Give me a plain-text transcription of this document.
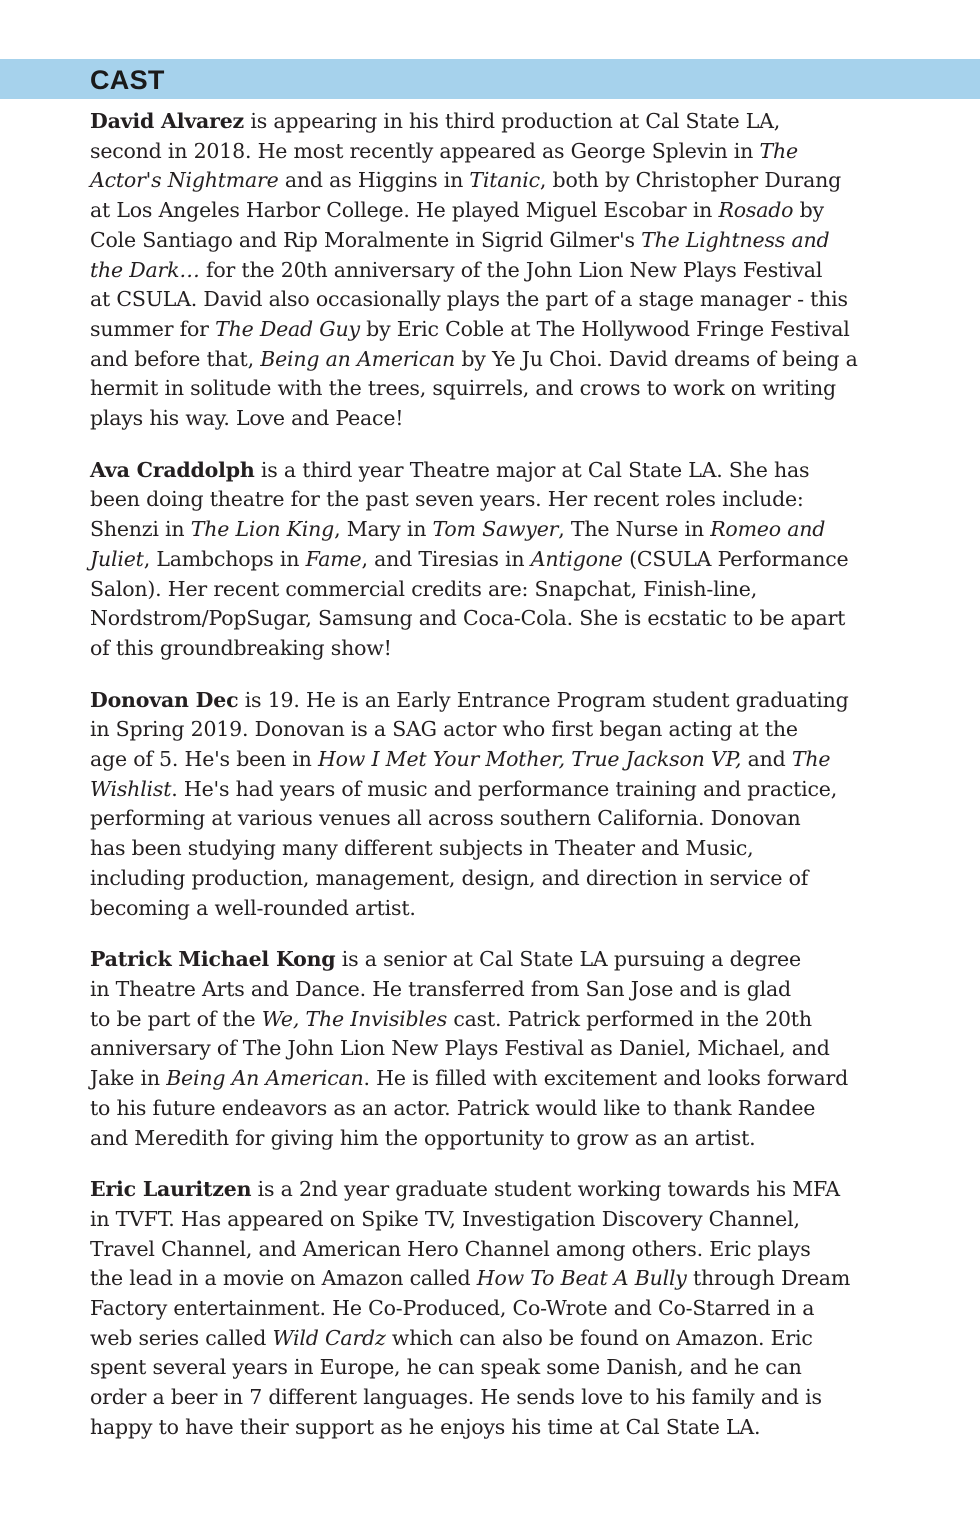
CAST

David Alvarez is appearing in his third production at Cal State LA,
second in 2018. He most recently appeared as George Splevin in The
Actor's Nightmare and as Higgins in Titanic, both by Christopher Durang
at Los Angeles Harbor College. He played Miguel Escobar in Rosado by
Cole Santiago and Rip Moralmente in Sigrid Gilmer's The Lightness and
the Dark… for the 20th anniversary of the John Lion New Plays Festival
at CSULA. David also occasionally plays the part of a stage manager - this
summer for The Dead Guy by Eric Coble at The Hollywood Fringe Festival
and before that, Being an American by Ye Ju Choi. David dreams of being a
hermit in solitude with the trees, squirrels, and crows to work on writing
plays his way. Love and Peace!

Ava Craddolph is a third year Theatre major at Cal State LA. She has
been doing theatre for the past seven years. Her recent roles include:
Shenzi in The Lion King, Mary in Tom Sawyer, The Nurse in Romeo and
Juliet, Lambchops in Fame, and Tiresias in Antigone (CSULA Performance
Salon). Her recent commercial credits are: Snapchat, Finish-line,
Nordstrom/PopSugar, Samsung and Coca-Cola. She is ecstatic to be apart
of this groundbreaking show!

Donovan Dec is 19. He is an Early Entrance Program student graduating
in Spring 2019. Donovan is a SAG actor who first began acting at the
age of 5. He's been in How I Met Your Mother, True Jackson VP, and The
Wishlist. He's had years of music and performance training and practice,
performing at various venues all across southern California. Donovan
has been studying many different subjects in Theater and Music,
including production, management, design, and direction in service of
becoming a well-rounded artist.

Patrick Michael Kong is a senior at Cal State LA pursuing a degree
in Theatre Arts and Dance. He transferred from San Jose and is glad
to be part of the We, The Invisibles cast. Patrick performed in the 20th
anniversary of The John Lion New Plays Festival as Daniel, Michael, and
Jake in Being An American. He is filled with excitement and looks forward
to his future endeavors as an actor. Patrick would like to thank Randee
and Meredith for giving him the opportunity to grow as an artist.

Eric Lauritzen is a 2nd year graduate student working towards his MFA
in TVFT. Has appeared on Spike TV, Investigation Discovery Channel,
Travel Channel, and American Hero Channel among others. Eric plays
the lead in a movie on Amazon called How To Beat A Bully through Dream
Factory entertainment. He Co-Produced, Co-Wrote and Co-Starred in a
web series called Wild Cardz which can also be found on Amazon. Eric
spent several years in Europe, he can speak some Danish, and he can
order a beer in 7 different languages. He sends love to his family and is
happy to have their support as he enjoys his time at Cal State LA.
